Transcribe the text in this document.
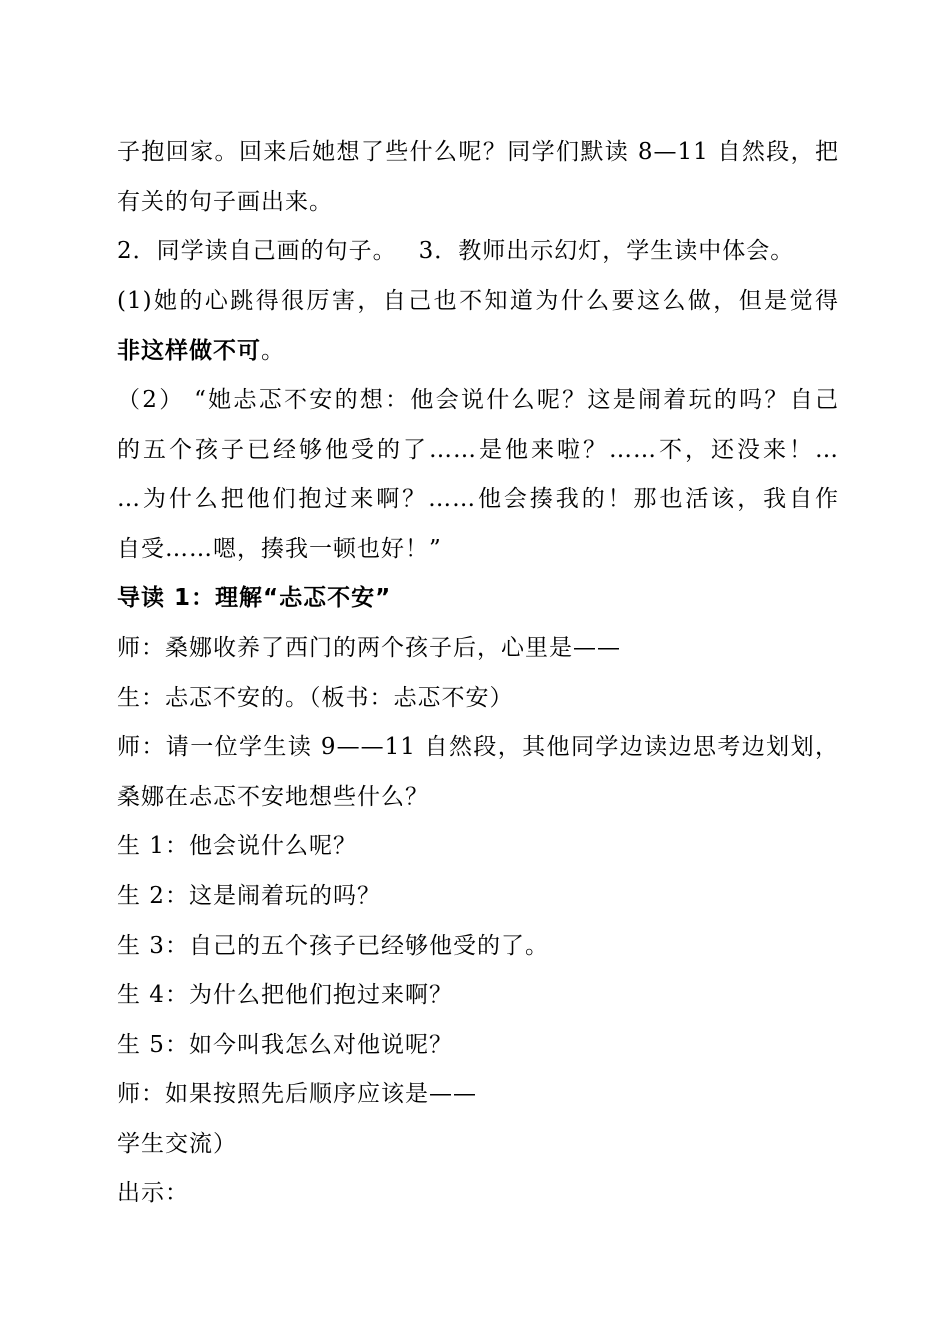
子抱回家。回来后她想了些什么呢？同学们默读 8—11 自然段，把
有关的句子画出来。
2．同学读自己画的句子。 3．教师出示幻灯，学生读中体会。
(1)她的心跳得很厉害，自己也不知道为什么要这么做，但是觉得
非这样做不可。
（2） “她忐忑不安的想：他会说什么呢？这是闹着玩的吗？自己
的五个孩子已经够他受的了……是他来啦？……不，还没来！…
…为什么把他们抱过来啊？……他会揍我的！那也活该，我自作
自受……嗯，揍我一顿也好！”
导读 1：理解“忐忑不安”
师：桑娜收养了西门的两个孩子后，心里是——
生：忐忑不安的。（板书：忐忑不安）
师：请一位学生读 9——11 自然段，其他同学边读边思考边划划，
桑娜在忐忑不安地想些什么？
生 1：他会说什么呢？
生 2：这是闹着玩的吗？
生 3：自己的五个孩子已经够他受的了。
生 4：为什么把他们抱过来啊？
生 5：如今叫我怎么对他说呢？
师：如果按照先后顺序应该是——
学生交流）
出示：
